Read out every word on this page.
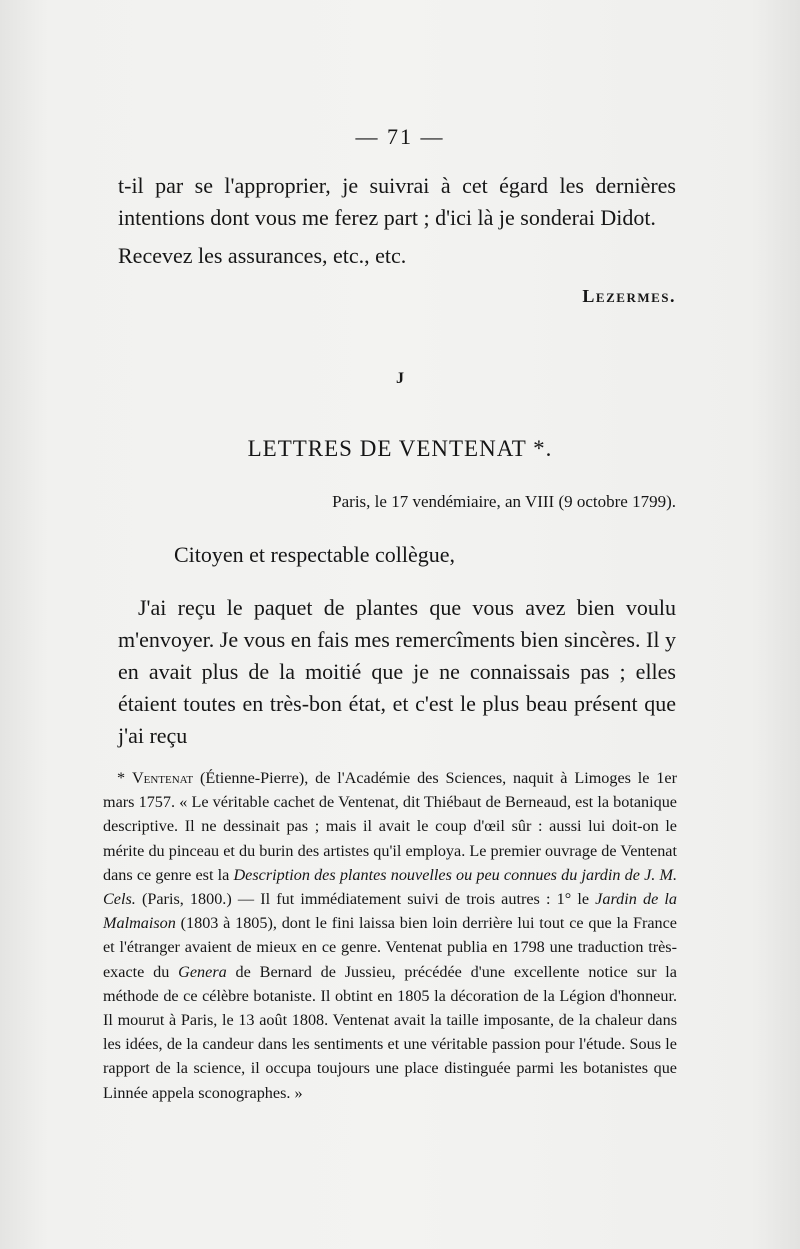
— 71 —

t-il par se l'approprier, je suivrai à cet égard les dernières intentions dont vous me ferez part ; d'ici là je sonderai Didot.

Recevez les assurances, etc., etc.

Lezermes.
J
LETTRES DE VENTENAT *.
Paris, le 17 vendémiaire, an VIII (9 octobre 1799).
Citoyen et respectable collègue,

J'ai reçu le paquet de plantes que vous avez bien voulu m'envoyer. Je vous en fais mes remercîments bien sincères. Il y en avait plus de la moitié que je ne connaissais pas ; elles étaient toutes en très-bon état, et c'est le plus beau présent que j'ai reçu

* Ventenat (Étienne-Pierre), de l'Académie des Sciences, naquit à Limoges le 1er mars 1757. « Le véritable cachet de Ventenat, dit Thiébaut de Berneaud, est la botanique descriptive. Il ne dessinait pas ; mais il avait le coup d'œil sûr : aussi lui doit-on le mérite du pinceau et du burin des artistes qu'il employa. Le premier ouvrage de Ventenat dans ce genre est la Description des plantes nouvelles ou peu connues du jardin de J. M. Cels. (Paris, 1800.) — Il fut immédiatement suivi de trois autres : 1° le Jardin de la Malmaison (1803 à 1805), dont le fini laissa bien loin derrière lui tout ce que la France et l'étranger avaient de mieux en ce genre. Ventenat publia en 1798 une traduction très-exacte du Genera de Bernard de Jussieu, précédée d'une excellente notice sur la méthode de ce célèbre botaniste. Il obtint en 1805 la décoration de la Légion d'honneur. Il mourut à Paris, le 13 août 1808. Ventenat avait la taille imposante, de la chaleur dans les idées, de la candeur dans les sentiments et une véritable passion pour l'étude. Sous le rapport de la science, il occupa toujours une place distinguée parmi les botanistes que Linnée appela sconographes. »
